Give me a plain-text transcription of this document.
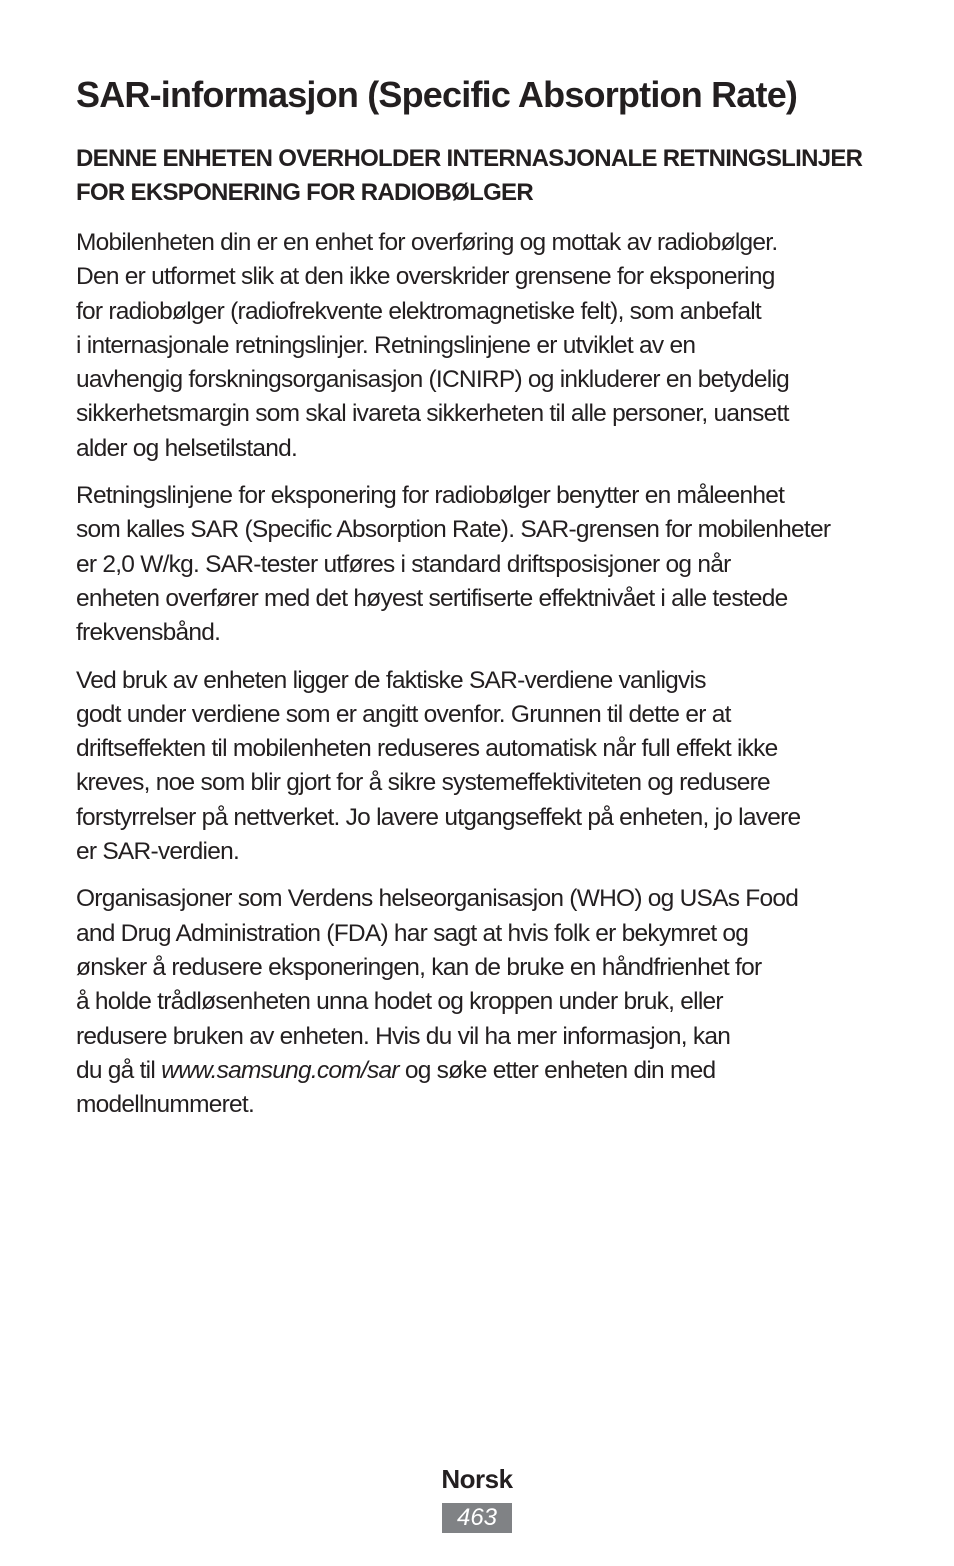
SAR-informasjon (Specific Absorption Rate)
DENNE ENHETEN OVERHOLDER INTERNASJONALE RETNINGSLINJER
FOR EKSPONERING FOR RADIOBØLGER

Mobilenheten din er en enhet for overføring og mottak av radiobølger.
Den er utformet slik at den ikke overskrider grensene for eksponering
for radiobølger (radiofrekvente elektromagnetiske felt), som anbefalt
i internasjonale retningslinjer. Retningslinjene er utviklet av en
uavhengig forskningsorganisasjon (ICNIRP) og inkluderer en betydelig
sikkerhetsmargin som skal ivareta sikkerheten til alle personer, uansett
alder og helsetilstand.

Retningslinjene for eksponering for radiobølger benytter en måleenhet
som kalles SAR (Specific Absorption Rate). SAR-grensen for mobilenheter
er 2,0 W/kg. SAR-tester utføres i standard driftsposisjoner og når
enheten overfører med det høyest sertifiserte effektnivået i alle testede
frekvensbånd.

Ved bruk av enheten ligger de faktiske SAR-verdiene vanligvis
godt under verdiene som er angitt ovenfor. Grunnen til dette er at
driftseffekten til mobilenheten reduseres automatisk når full effekt ikke
kreves, noe som blir gjort for å sikre systemeffektiviteten og redusere
forstyrrelser på nettverket. Jo lavere utgangseffekt på enheten, jo lavere
er SAR-verdien.

Organisasjoner som Verdens helseorganisasjon (WHO) og USAs Food
and Drug Administration (FDA) har sagt at hvis folk er bekymret og
ønsker å redusere eksponeringen, kan de bruke en håndfrienhet for
å holde trådløsenheten unna hodet og kroppen under bruk, eller
redusere bruken av enheten. Hvis du vil ha mer informasjon, kan
du gå til www.samsung.com/sar og søke etter enheten din med
modellnummeret.

Norsk
463
